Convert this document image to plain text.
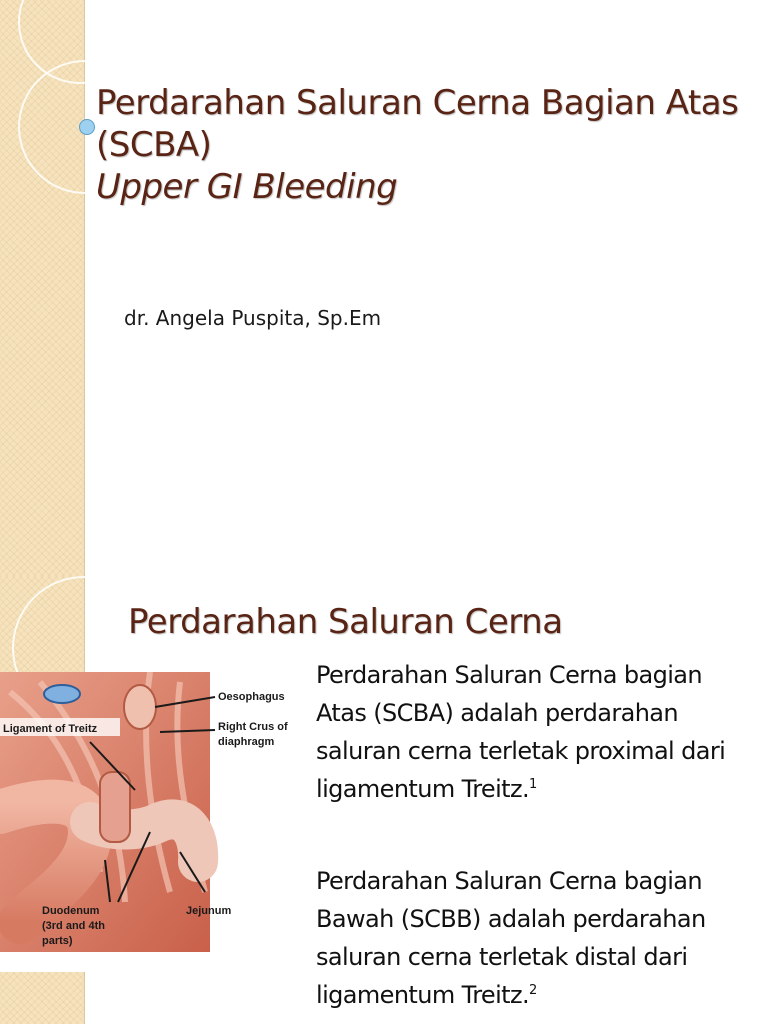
Perdarahan Saluran Cerna Bagian Atas
(SCBA)
Upper GI Bleeding
dr. Angela Puspita, Sp.Em
Perdarahan Saluran Cerna
Oesophagus
Right Crus of
diaphragm
Ligament of Treitz
Duodenum
(3rd and 4th
parts)
Jejunum
Perdarahan Saluran Cerna bagian Atas (SCBA) adalah perdarahan saluran cerna terletak proximal dari ligamentum Treitz.$^1$
Perdarahan Saluran Cerna bagian Bawah (SCBB) adalah perdarahan saluran cerna terletak distal dari ligamentum Treitz.$^2$
